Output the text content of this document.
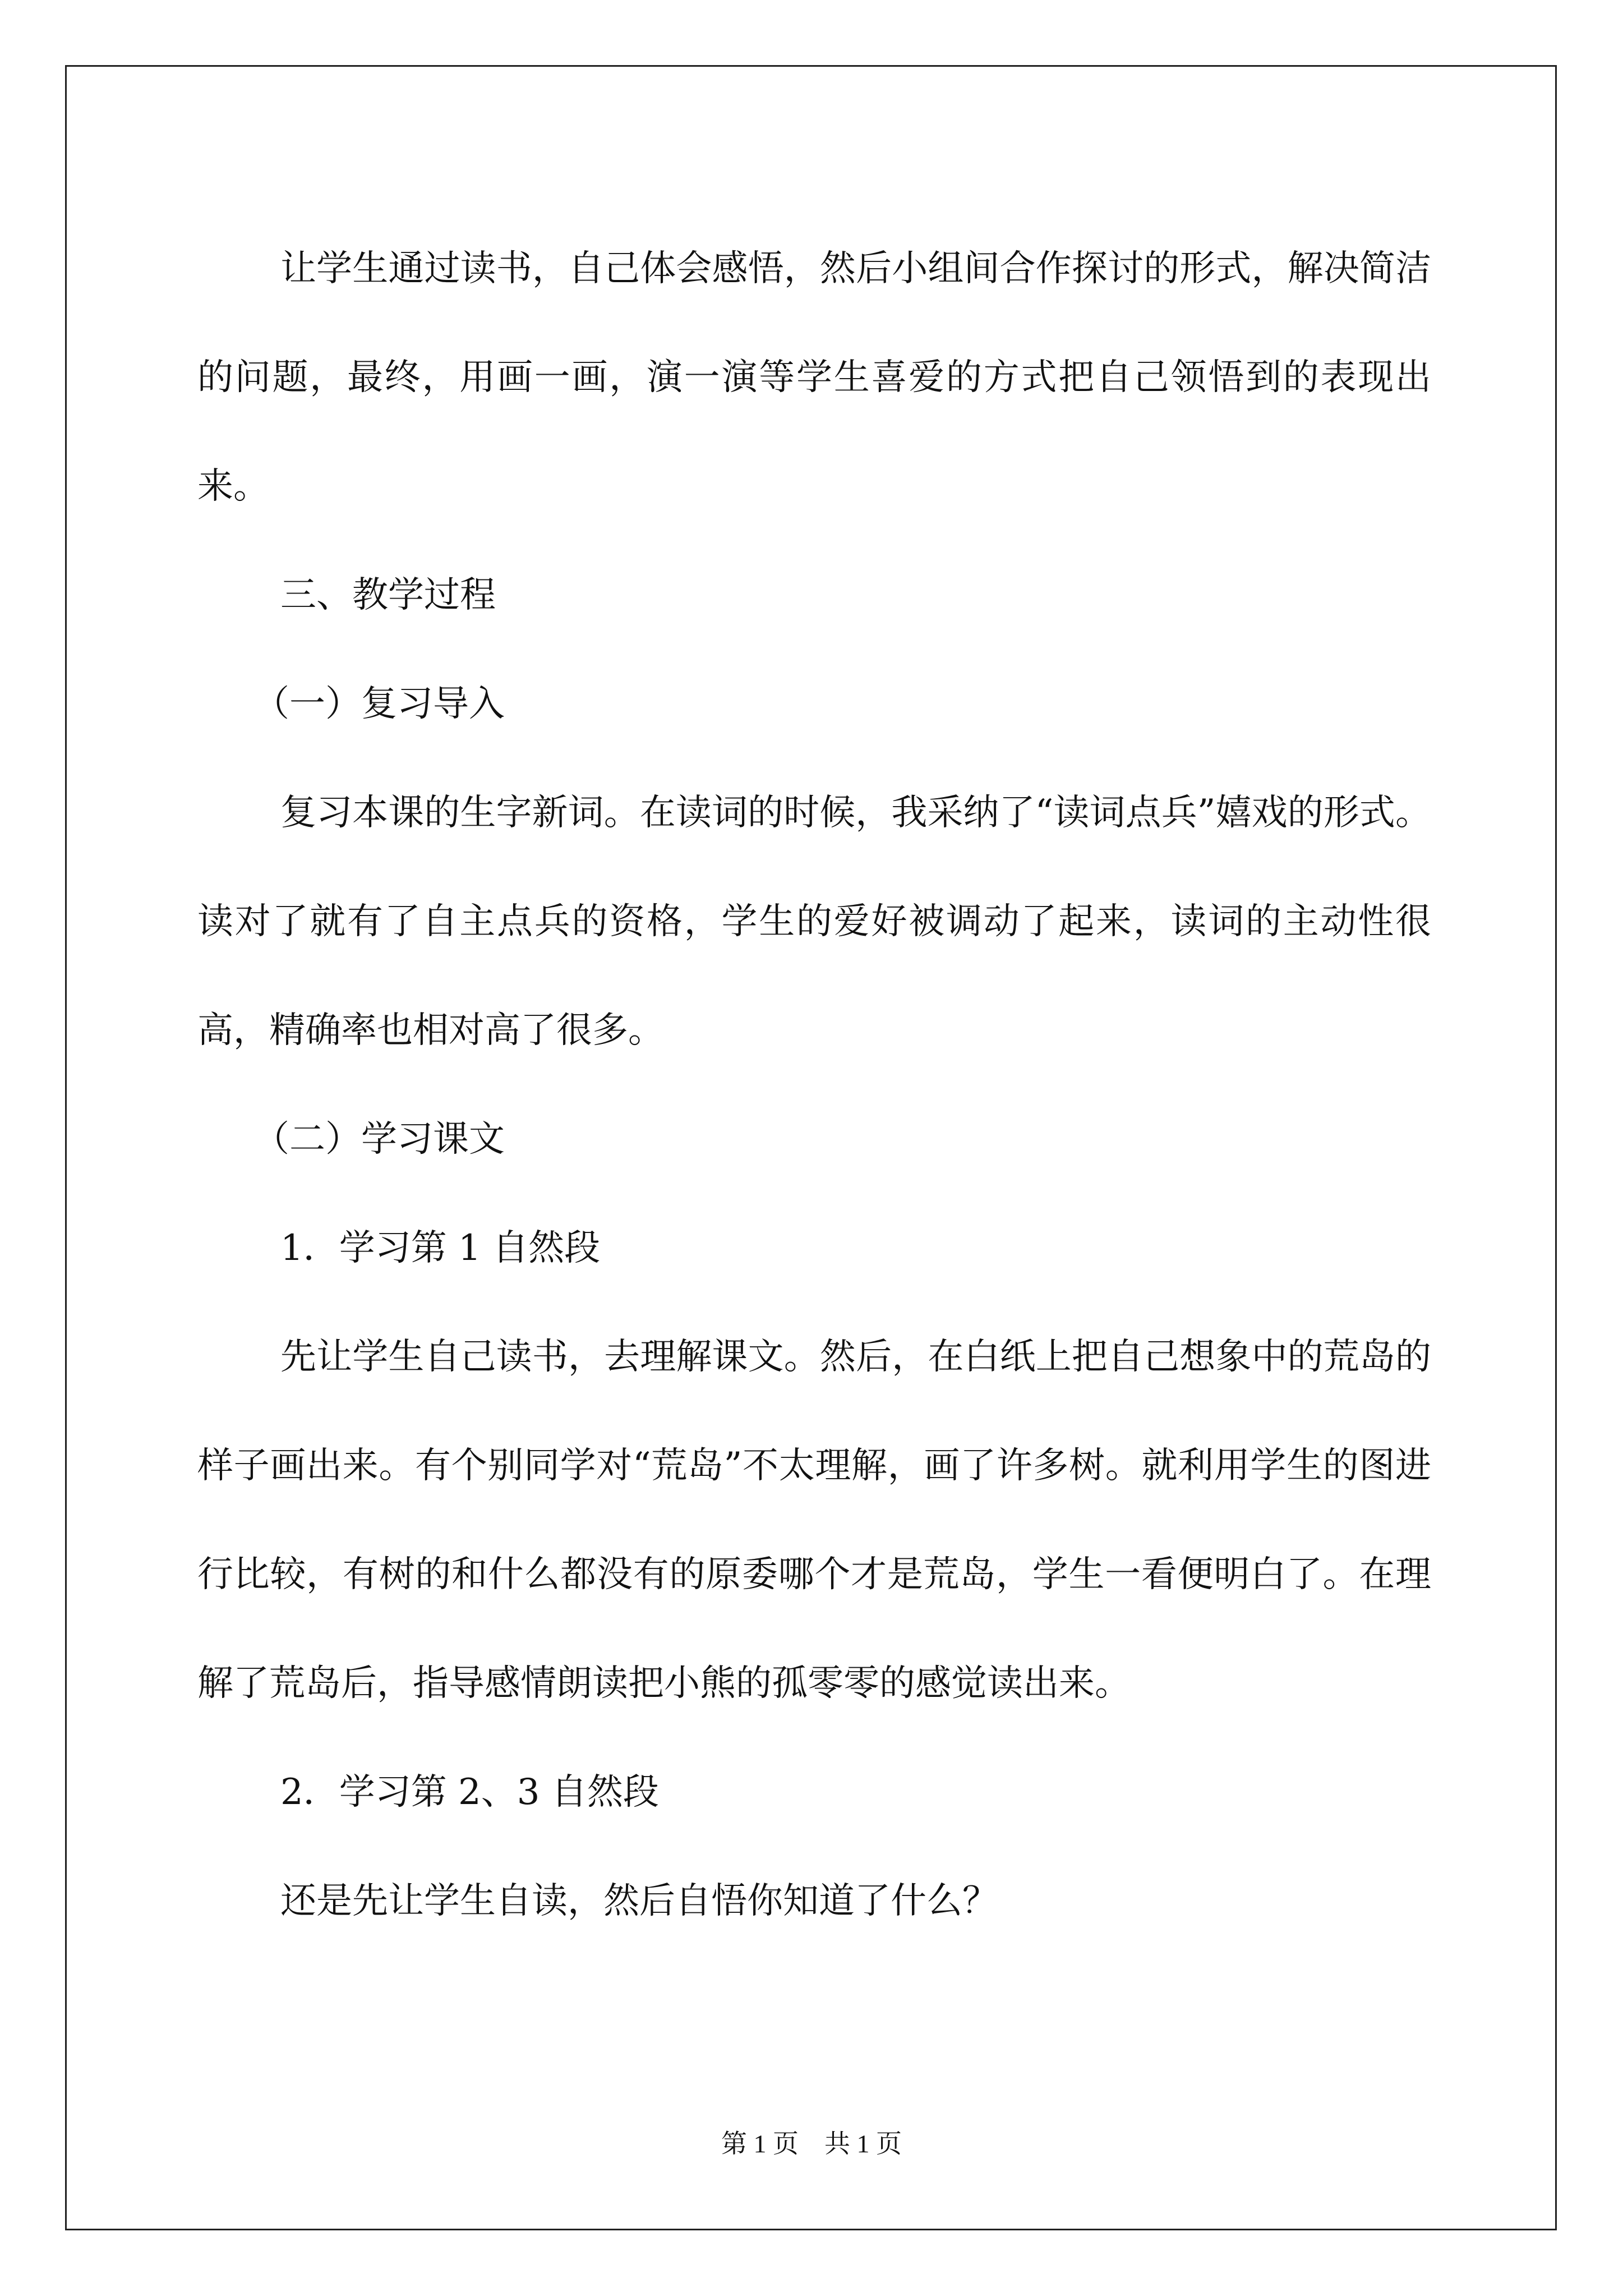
让学生通过读书，自己体会感悟，然后小组间合作探讨的形式，解决简洁的问题，最终，用画一画，演一演等学生喜爱的方式把自己领悟到的表现出来。

三、教学过程

（一）复习导入

复习本课的生字新词。在读词的时候，我采纳了“读词点兵”嬉戏的形式。读对了就有了自主点兵的资格，学生的爱好被调动了起来，读词的主动性很高，精确率也相对高了很多。

（二）学习课文

1．学习第 1 自然段

先让学生自己读书，去理解课文。然后，在白纸上把自己想象中的荒岛的样子画出来。有个别同学对“荒岛”不太理解，画了许多树。就利用学生的图进行比较，有树的和什么都没有的原委哪个才是荒岛，学生一看便明白了。在理解了荒岛后，指导感情朗读把小熊的孤零零的感觉读出来。

2．学习第 2、3 自然段

还是先让学生自读，然后自悟你知道了什么？

第 1 页　共 1 页
